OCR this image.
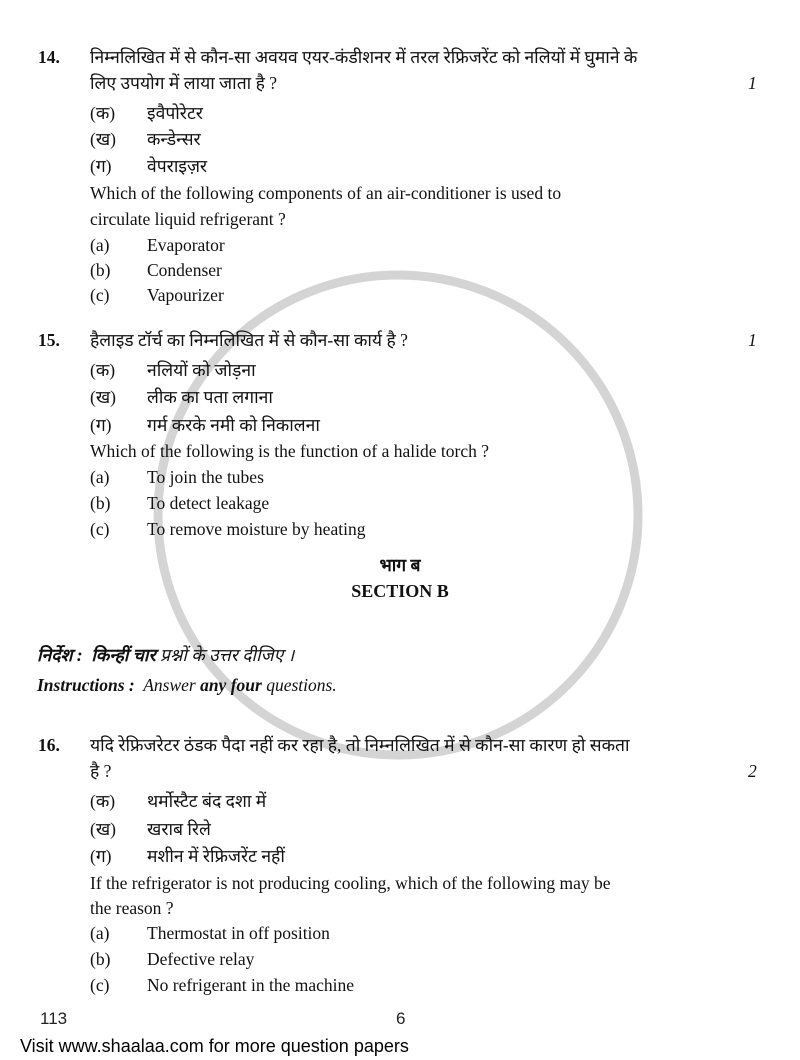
14. निम्नलिखित में से कौन-सा अवयव एयर-कंडीशनर में तरल रेफ्रिजरेंट को नलियों में घुमाने के
लिए उपयोग में लाया जाता है ?	1
(क) इवैपोरेटर
(ख) कन्डेन्सर
(ग) वेपराइज़र
Which of the following components of an air-conditioner is used to
circulate liquid refrigerant ?
(a) Evaporator
(b) Condenser
(c) Vapourizer
15. हैलाइड टॉर्च का निम्नलिखित में से कौन-सा कार्य है ?	1
(क) नलियों को जोड़ना
(ख) लीक का पता लगाना
(ग) गर्म करके नमी को निकालना
Which of the following is the function of a halide torch ?
(a) To join the tubes
(b) To detect leakage
(c) To remove moisture by heating
भाग ब
SECTION B
निर्देश : किन्हीं चार प्रश्नों के उत्तर दीजिए ।
Instructions : Answer any four questions.
16. यदि रेफ्रिजरेटर ठंडक पैदा नहीं कर रहा है, तो निम्नलिखित में से कौन-सा कारण हो सकता
है ?	2
(क) थर्मोस्टैट बंद दशा में
(ख) खराब रिले
(ग) मशीन में रेफ्रिजरेंट नहीं
If the refrigerator is not producing cooling, which of the following may be
the reason ?
(a) Thermostat in off position
(b) Defective relay
(c) No refrigerant in the machine
113	6
Visit www.shaalaa.com for more question papers
